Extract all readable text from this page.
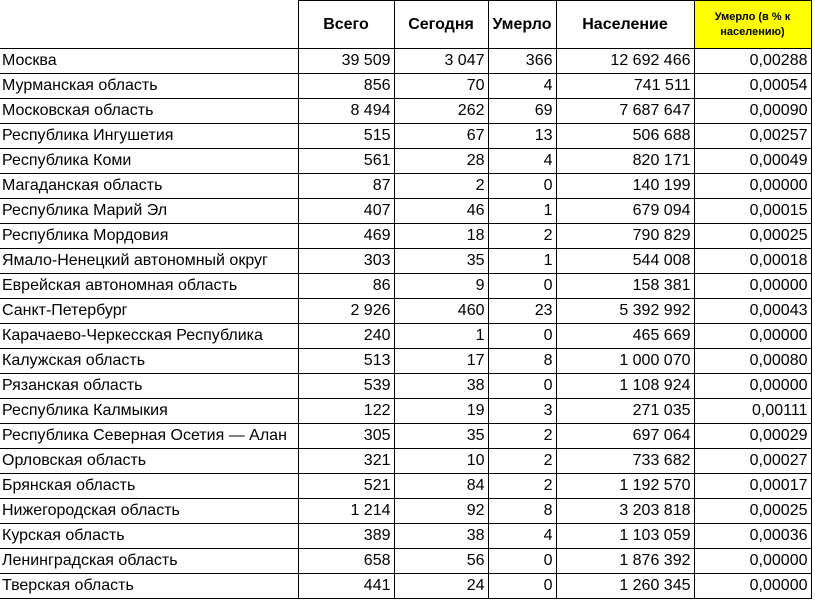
	Всего	Сегодня	Умерло	Население	Умерло (в % к населению)
Москва	39 509	3 047	366	12 692 466	0,00288
Мурманская область	856	70	4	741 511	0,00054
Московская область	8 494	262	69	7 687 647	0,00090
Республика Ингушетия	515	67	13	506 688	0,00257
Республика Коми	561	28	4	820 171	0,00049
Магаданская область	87	2	0	140 199	0,00000
Республика Марий Эл	407	46	1	679 094	0,00015
Республика Мордовия	469	18	2	790 829	0,00025
Ямало-Ненецкий автономный округ	303	35	1	544 008	0,00018
Еврейская автономная область	86	9	0	158 381	0,00000
Санкт-Петербург	2 926	460	23	5 392 992	0,00043
Карачаево-Черкесская Республика	240	1	0	465 669	0,00000
Калужская область	513	17	8	1 000 070	0,00080
Рязанская область	539	38	0	1 108 924	0,00000
Республика Калмыкия	122	19	3	271 035	0,00111
Республика Северная Осетия — Алан	305	35	2	697 064	0,00029
Орловская область	321	10	2	733 682	0,00027
Брянская область	521	84	2	1 192 570	0,00017
Нижегородская область	1 214	92	8	3 203 818	0,00025
Курская область	389	38	4	1 103 059	0,00036
Ленинградская область	658	56	0	1 876 392	0,00000
Тверская область	441	24	0	1 260 345	0,00000
